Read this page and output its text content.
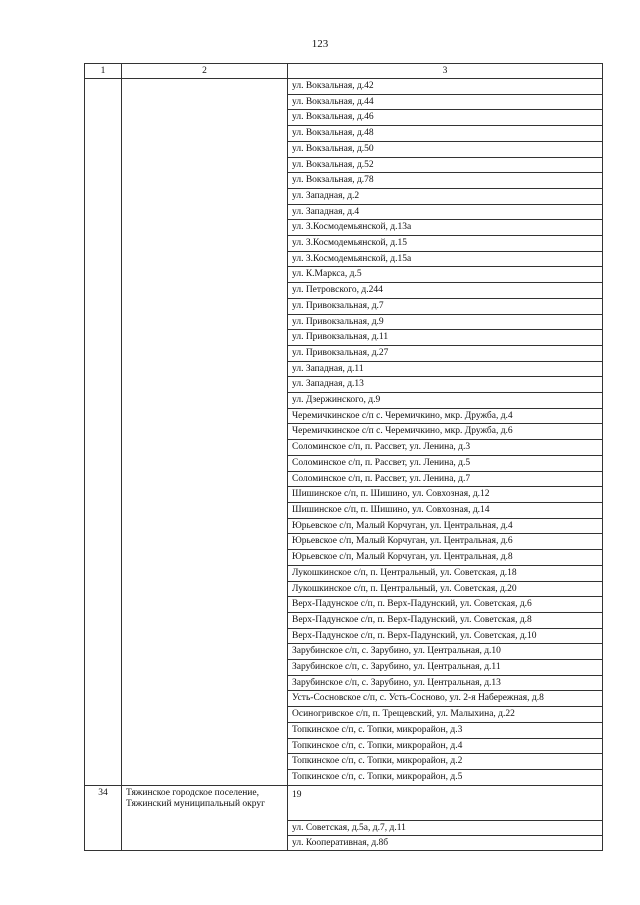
123
1	2	3
		ул. Вокзальная, д.42
		ул. Вокзальная, д.44
		ул. Вокзальная, д.46
		ул. Вокзальная, д.48
		ул. Вокзальная, д.50
		ул. Вокзальная, д.52
		ул. Вокзальная, д.78
		ул. Западная, д.2
		ул. Западная, д.4
		ул. З.Космодемьянской, д.13а
		ул. З.Космодемьянской, д.15
		ул. З.Космодемьянской, д.15а
		ул. К.Маркса, д.5
		ул. Петровского, д.244
		ул. Привокзальная, д.7
		ул. Привокзальная, д.9
		ул. Привокзальная, д.11
		ул. Привокзальная, д.27
		ул. Западная, д.11
		ул. Западная, д.13
		ул. Дзержинского, д.9
		Черемичкинское с/п с. Черемичкино, мкр. Дружба, д.4
		Черемичкинское с/п с. Черемичкино, мкр. Дружба, д.6
		Соломинское с/п, п. Рассвет, ул. Ленина, д.3
		Соломинское с/п, п. Рассвет, ул. Ленина, д.5
		Соломинское с/п, п. Рассвет, ул. Ленина, д.7
		Шишинское с/п, п. Шишино, ул. Совхозная, д.12
		Шишинское с/п, п. Шишино, ул. Совхозная, д.14
		Юрьевское с/п, Малый Корчуган, ул. Центральная, д.4
		Юрьевское с/п, Малый Корчуган, ул. Центральная, д.6
		Юрьевское с/п, Малый Корчуган, ул. Центральная, д.8
		Лукошкинское с/п, п. Центральный, ул. Советская, д.18
		Лукошкинское с/п, п. Центральный, ул. Советская, д.20
		Верх-Падунское с/п, п. Верх-Падунский, ул. Советская, д.6
		Верх-Падунское с/п, п. Верх-Падунский, ул. Советская, д.8
		Верх-Падунское с/п, п. Верх-Падунский, ул. Советская, д.10
		Зарубинское с/п, с. Зарубино, ул. Центральная, д.10
		Зарубинское с/п, с. Зарубино, ул. Центральная, д.11
		Зарубинское с/п, с. Зарубино, ул. Центральная, д.13
		Усть-Сосновское с/п, с. Усть-Сосново, ул. 2-я Набережная, д.8
		Осиногривское с/п, п. Трещевский, ул. Малыхина, д.22
		Топкинское с/п, с. Топки, микрорайон, д.3
		Топкинское с/п, с. Топки, микрорайон, д.4
		Топкинское с/п, с. Топки, микрорайон, д.2
		Топкинское с/п, с. Топки, микрорайон, д.5
34	Тяжинское городское поселение, Тяжинский муниципальный округ	19
		ул. Советская, д.5а, д.7, д.11
		ул. Кооперативная, д.8б
